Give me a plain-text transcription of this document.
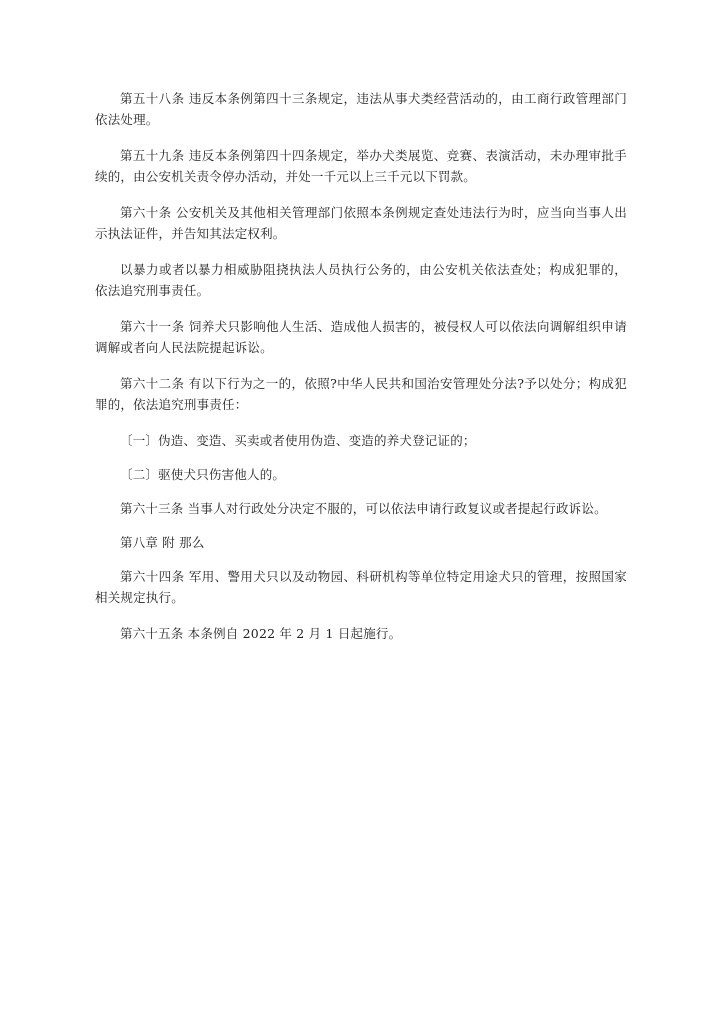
第五十八条 违反本条例第四十三条规定，违法从事犬类经营活动的，由工商行政管理部门依法处理。

第五十九条 违反本条例第四十四条规定，举办犬类展览、竞赛、表演活动，未办理审批手续的，由公安机关责令停办活动，并处一千元以上三千元以下罚款。

第六十条 公安机关及其他相关管理部门依照本条例规定查处违法行为时，应当向当事人出示执法证件，并告知其法定权利。

以暴力或者以暴力相威胁阻挠执法人员执行公务的，由公安机关依法查处；构成犯罪的，依法追究刑事责任。

第六十一条 饲养犬只影响他人生活、造成他人损害的，被侵权人可以依法向调解组织申请调解或者向人民法院提起诉讼。

第六十二条 有以下行为之一的，依照?中华人民共和国治安管理处分法?予以处分；构成犯罪的，依法追究刑事责任：

〔一〕伪造、变造、买卖或者使用伪造、变造的养犬登记证的；

〔二〕驱使犬只伤害他人的。

第六十三条 当事人对行政处分决定不服的，可以依法申请行政复议或者提起行政诉讼。

第八章 附 那么

第六十四条 军用、警用犬只以及动物园、科研机构等单位特定用途犬只的管理，按照国家相关规定执行。

第六十五条 本条例自 2022 年 2 月 1 日起施行。
